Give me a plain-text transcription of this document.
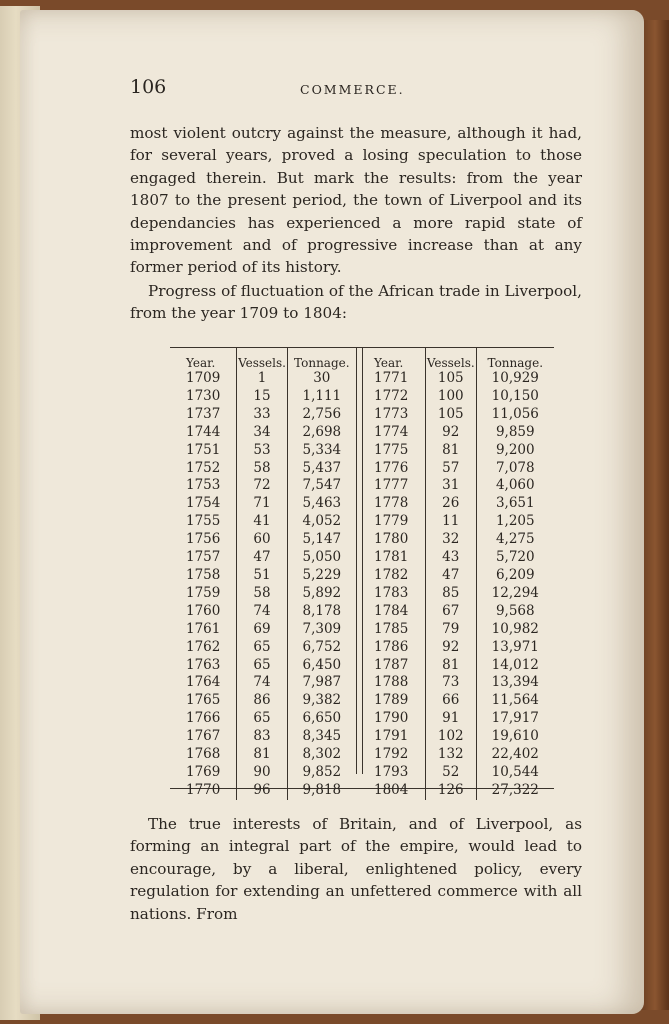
106	COMMERCE.

most violent outcry against the measure, although it had, for several years, proved a losing speculation to those engaged therein. But mark the results: from the year 1807 to the present period, the town of Liverpool and its dependancies has experienced a more rapid state of improvement and of progressive increase than at any former period of its history.

Progress of fluctuation of the African trade in Liverpool, from the year 1709 to 1804:

Year.	Vessels.	Tonnage.
1709	1	30
1730	15	1,111
1737	33	2,756
1744	34	2,698
1751	53	5,334
1752	58	5,437
1753	72	7,547
1754	71	5,463
1755	41	4,052
1756	60	5,147
1757	47	5,050
1758	51	5,229
1759	58	5,892
1760	74	8,178
1761	69	7,309
1762	65	6,752
1763	65	6,450
1764	74	7,987
1765	86	9,382
1766	65	6,650
1767	83	8,345
1768	81	8,302
1769	90	9,852
1770	96	9,818
Year.	Vessels.	Tonnage.
1771	105	10,929
1772	100	10,150
1773	105	11,056
1774	92	9,859
1775	81	9,200
1776	57	7,078
1777	31	4,060
1778	26	3,651
1779	11	1,205
1780	32	4,275
1781	43	5,720
1782	47	6,209
1783	85	12,294
1784	67	9,568
1785	79	10,982
1786	92	13,971
1787	81	14,012
1788	73	13,394
1789	66	11,564
1790	91	17,917
1791	102	19,610
1792	132	22,402
1793	52	10,544
1804	126	27,322

The true interests of Britain, and of Liverpool, as forming an integral part of the empire, would lead to encourage, by a liberal, enlightened policy, every regulation for extending an unfettered commerce with all nations. From
